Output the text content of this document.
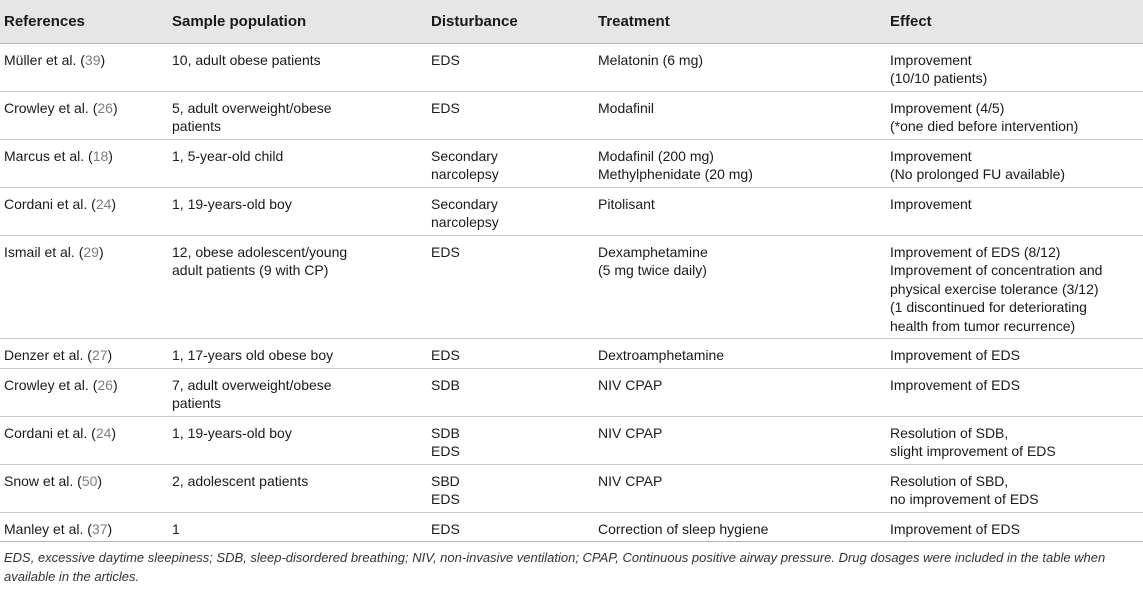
References	Sample population	Disturbance	Treatment	Effect
Müller et al. (39)	10, adult obese patients	EDS	Melatonin (6 mg)	Improvement
(10/10 patients)

Crowley et al. (26)	5, adult overweight/obese
patients	EDS	Modafinil	Improvement (4/5)
(*one died before intervention)

Marcus et al. (18)	1, 5-year-old child	Secondary
narcolepsy	Modafinil (200 mg)
Methylphenidate (20 mg)	Improvement
(No prolonged FU available)

Cordani et al. (24)	1, 19-years-old boy	Secondary
narcolepsy	Pitolisant	Improvement

Ismail et al. (29)	12, obese adolescent/young
adult patients (9 with CP)	EDS	Dexamphetamine
(5 mg twice daily)	Improvement of EDS (8/12)
Improvement of concentration and
physical exercise tolerance (3/12)
(1 discontinued for deteriorating
health from tumor recurrence)

Denzer et al. (27)	1, 17-years old obese boy	EDS	Dextroamphetamine	Improvement of EDS

Crowley et al. (26)	7, adult overweight/obese
patients	SDB	NIV CPAP	Improvement of EDS

Cordani et al. (24)	1, 19-years-old boy	SDB
EDS	NIV CPAP	Resolution of SDB,
slight improvement of EDS

Snow et al. (50)	2, adolescent patients	SBD
EDS	NIV CPAP	Resolution of SBD,
no improvement of EDS

Manley et al. (37)	1	EDS	Correction of sleep hygiene	Improvement of EDS
EDS, excessive daytime sleepiness; SDB, sleep-disordered breathing; NIV, non-invasive ventilation; CPAP, Continuous positive airway pressure. Drug dosages were included in the table when available in the articles.
